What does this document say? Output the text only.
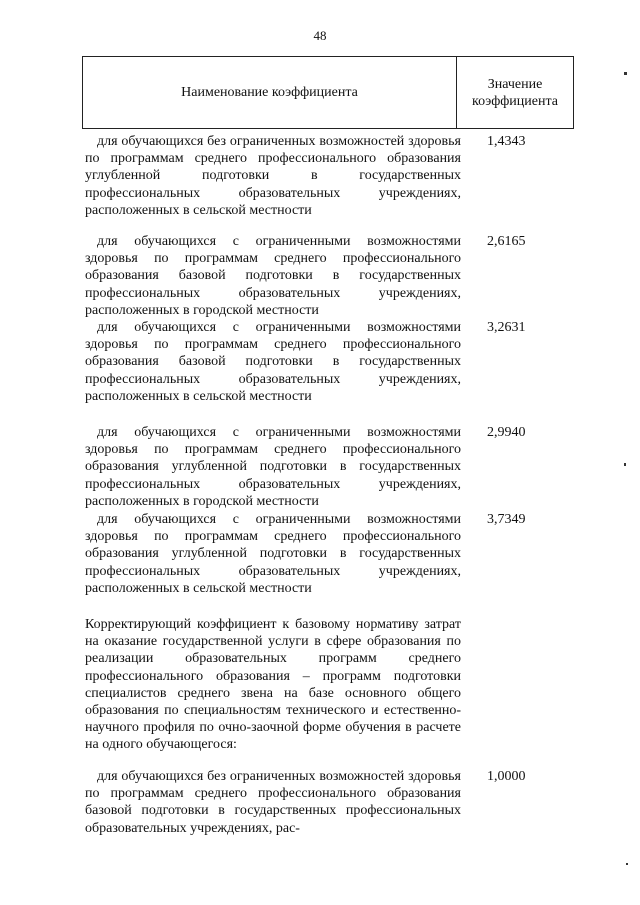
48
Наименование коэффициента
Значение
коэффициента
для обучающихся без ограниченных возможностей здоровья по программам среднего профессионального образования углубленной подготовки в государственных профессиональных образовательных учреждениях, расположенных в сельской местности
1,4343
для обучающихся с ограниченными возможностями здоровья по программам среднего профессионального образования базовой подготовки в государственных профессиональных образовательных учреждениях, расположенных в городской местности
2,6165
для обучающихся с ограниченными возможностями здоровья по программам среднего профессионального образования базовой подготовки в государственных профессиональных образовательных учреждениях, расположенных в сельской местности
3,2631
для обучающихся с ограниченными возможностями здоровья по программам среднего профессионального образования углубленной подготовки в государственных профессиональных образовательных учреждениях, расположенных в городской местности
2,9940
для обучающихся с ограниченными возможностями здоровья по программам среднего профессионального образования углубленной подготовки в государственных профессиональных образовательных учреждениях, расположенных в сельской местности
3,7349
Корректирующий коэффициент к базовому нормативу затрат на оказание государственной услуги в сфере образования по реализации образовательных программ среднего профессионального образования – программ подготовки специалистов среднего звена на базе основного общего образования по специальностям технического и естественно-научного профиля по очно-заочной форме обучения в расчете на одного обучающегося:
для обучающихся без ограниченных возможностей здоровья по программам среднего профессионального образования базовой подготовки в государственных профессиональных образовательных учреждениях, рас-
1,0000
